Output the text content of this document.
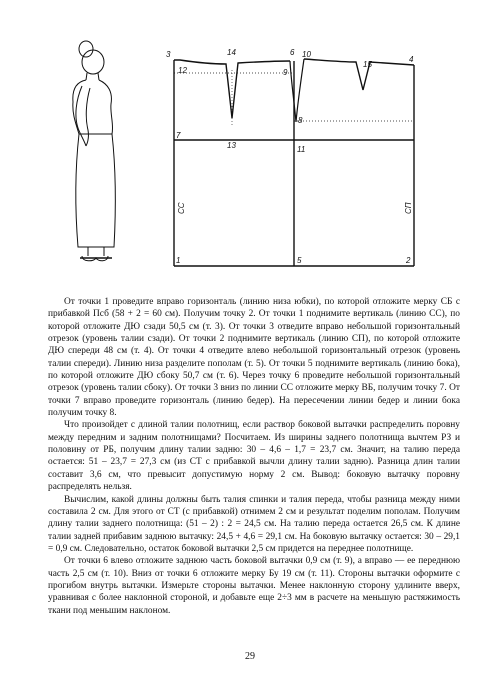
3
12
14	6 10
9
15
4
8
7
13	11
1	5	2
СС	СП

От точки 1 проведите вправо горизонталь (линию низа юбки), по которой отложите мерку СБ с прибавкой Псб (58 + 2 = 60 см). Получим точку 2. От точки 1 поднимите вертикаль (линию СС), по которой отложите ДЮ сзади 50,5 см (т. 3). От точки 3 отведите вправо небольшой горизонтальный отрезок (уровень талии сзади). От точки 2 поднимите вертикаль (линию СП), по которой отложите ДЮ спереди 48 см (т. 4). От точки 4 отведите влево небольшой горизонтальный отрезок (уровень талии спереди). Линию низа разделите пополам (т. 5). От точки 5 поднимите вертикаль (линию бока), по которой отложите ДЮ сбоку 50,7 см (т. 6). Через точку 6 проведите небольшой горизонтальный отрезок (уровень талии сбоку). От точки 3 вниз по линии СС отложите мерку ВБ, получим точку 7. От точки 7 вправо проведите горизонталь (линию бедер). На пересечении линии бедер и линии бока получим точку 8.

Что произойдет с длиной талии полотнищ, если раствор боковой вытачки распределить поровну между передним и задним полотнищами? Посчитаем. Из ширины заднего полотнища вычтем РЗ и половину от РБ, получим длину талии задню: 30 – 4,6 – 1,7 = 23,7 см. Значит, на талию переда остается: 51 – 23,7 = 27,3 см (из СТ с прибавкой вычли длину талии задню). Разница длин талии составит 3,6 см, что превысит допустимую норму 2 см. Вывод: боковую вытачку поровну распределять нельзя.

Вычислим, какой длины должны быть талия спинки и талия переда, чтобы разница между ними составила 2 см. Для этого от СТ (с прибавкой) отнимем 2 см и результат поделим пополам. Получим длину талии заднего полотнища: (51 – 2) : 2 = 24,5 см. На талию переда остается 26,5 см. К длине талии задней прибавим заднюю вытачку: 24,5 + 4,6 = 29,1 см. На боковую вытачку остается: 30 – 29,1 = 0,9 см. Следовательно, остаток боковой вытачки 2,5 см придется на переднее полотнище.

От точки 6 влево отложите заднюю часть боковой вытачки 0,9 см (т. 9), а вправо — ее переднюю часть 2,5 см (т. 10). Вниз от точки 6 отложите мерку Бу 19 см (т. 11). Стороны вытачки оформите с прогибом внутрь вытачки. Измерьте стороны вытачки. Менее наклонную сторону удлините вверх, уравнивая с более наклонной стороной, и добавьте еще 2÷3 мм в расчете на меньшую растяжимость ткани под меньшим наклоном.

29
